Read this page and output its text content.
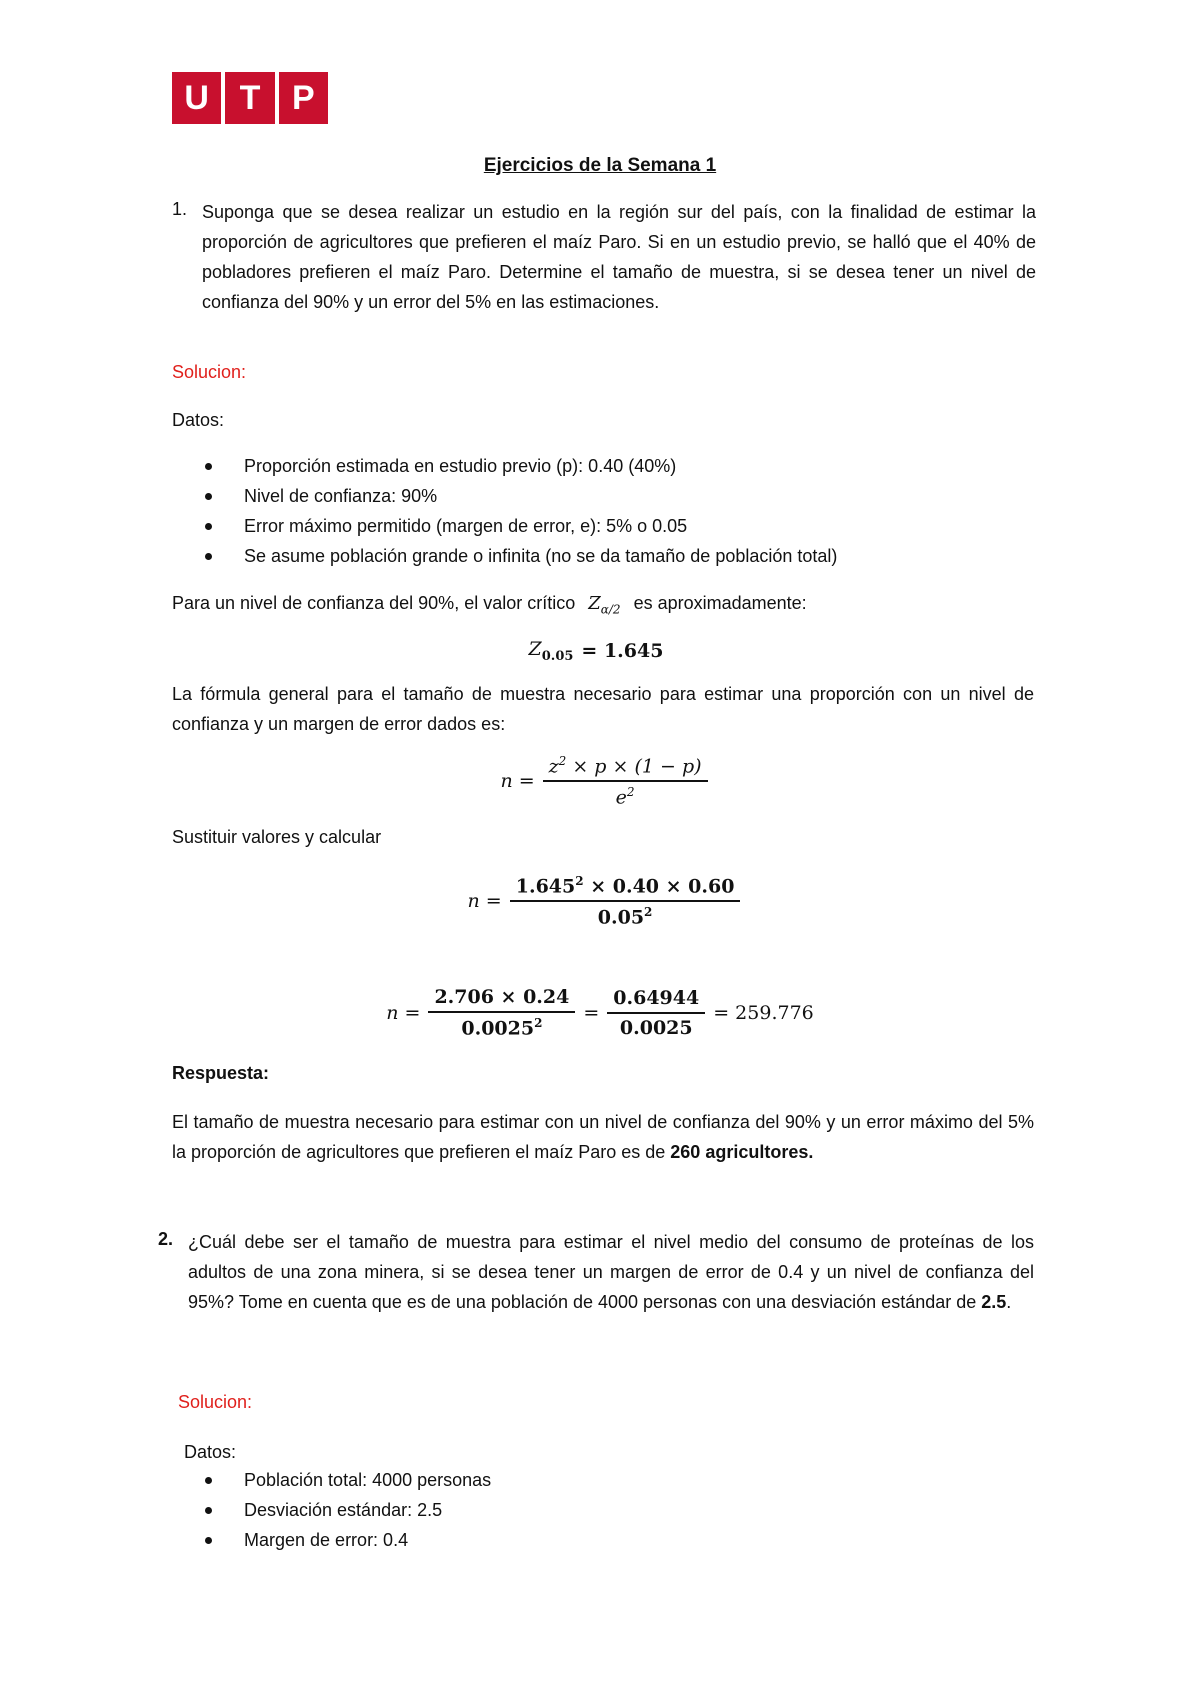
U T P
Ejercicios de la Semana 1
1. Suponga que se desea realizar un estudio en la región sur del país, con la finalidad de estimar la proporción de agricultores que prefieren el maíz Paro. Si en un estudio previo, se halló que el 40% de pobladores prefieren el maíz Paro. Determine el tamaño de muestra, si se desea tener un nivel de confianza del 90% y un error del 5% en las estimaciones.
Solucion:
Datos:
Proporción estimada en estudio previo (p): 0.40 (40%)
Nivel de confianza: 90%
Error máximo permitido (margen de error, e): 5% o 0.05
Se asume población grande o infinita (no se da tamaño de población total)
Para un nivel de confianza del 90%, el valor crítico $Z_{\alpha/2}$ es aproximadamente:
$Z_{0.05} = 1.645$
La fórmula general para el tamaño de muestra necesario para estimar una proporción con un nivel de confianza y un margen de error dados es:
$n = \frac{z^2 \times p \times (1 - p)}{e^2}$
Sustituir valores y calcular
$n = \frac{1.645^2 \times 0.40 \times 0.60}{0.05^2}$
$n = \frac{2.706 \times 0.24}{0.0025^2} = \frac{0.64944}{0.0025} = 259.776$
Respuesta:
El tamaño de muestra necesario para estimar con un nivel de confianza del 90% y un error máximo del 5% la proporción de agricultores que prefieren el maíz Paro es de 260 agricultores.
2. ¿Cuál debe ser el tamaño de muestra para estimar el nivel medio del consumo de proteínas de los adultos de una zona minera, si se desea tener un margen de error de 0.4 y un nivel de confianza del 95%? Tome en cuenta que es de una población de 4000 personas con una desviación estándar de 2.5.
Solucion:
Datos:
Población total: 4000 personas
Desviación estándar: 2.5
Margen de error: 0.4
